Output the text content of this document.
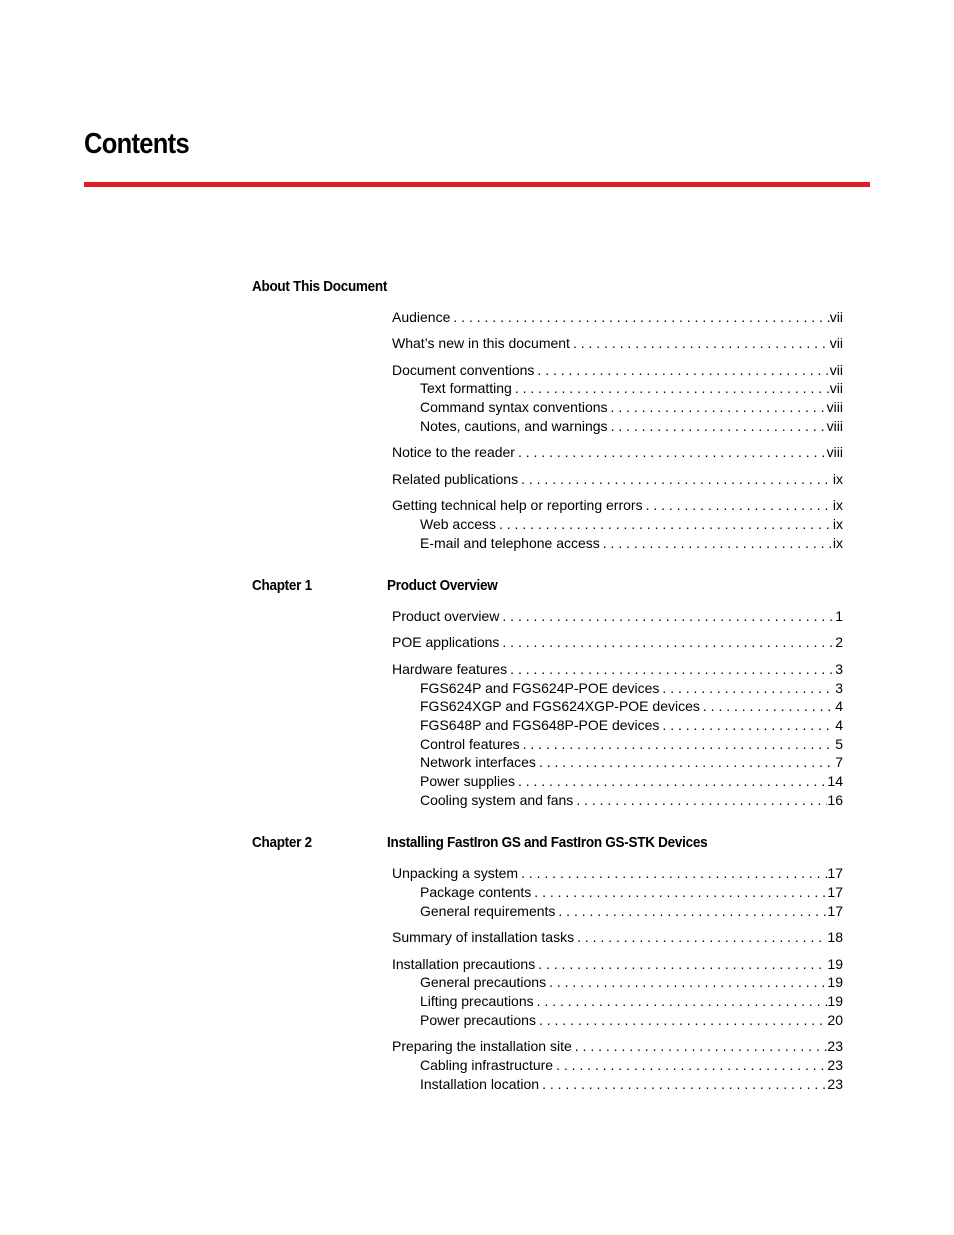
Contents
About This Document
Audience . . .	vii
What’s new in this document . . .	vii
Document conventions . . .	vii
Text formatting . . .	vii
Command syntax conventions . . .	viii
Notes, cautions, and warnings . . .	viii
Notice to the reader . . .	viii
Related publications . . .	ix
Getting technical help or reporting errors . . .	ix
Web access . . .	ix
E-mail and telephone access . . .	ix
Chapter 1	Product Overview
Product overview . . .	1
POE applications . . .	2
Hardware features . . .	3
FGS624P and FGS624P-POE devices . . .	3
FGS624XGP and FGS624XGP-POE devices . . .	4
FGS648P and FGS648P-POE devices . . .	4
Control features . . .	5
Network interfaces . . .	7
Power supplies . . .	14
Cooling system and fans . . .	16
Chapter 2	Installing FastIron GS and FastIron GS-STK Devices
Unpacking a system . . .	17
Package contents . . .	17
General requirements . . .	17
Summary of installation tasks . . .	18
Installation precautions . . .	19
General precautions . . .	19
Lifting precautions . . .	19
Power precautions . . .	20
Preparing the installation site . . .	23
Cabling infrastructure . . .	23
Installation location . . .	23
